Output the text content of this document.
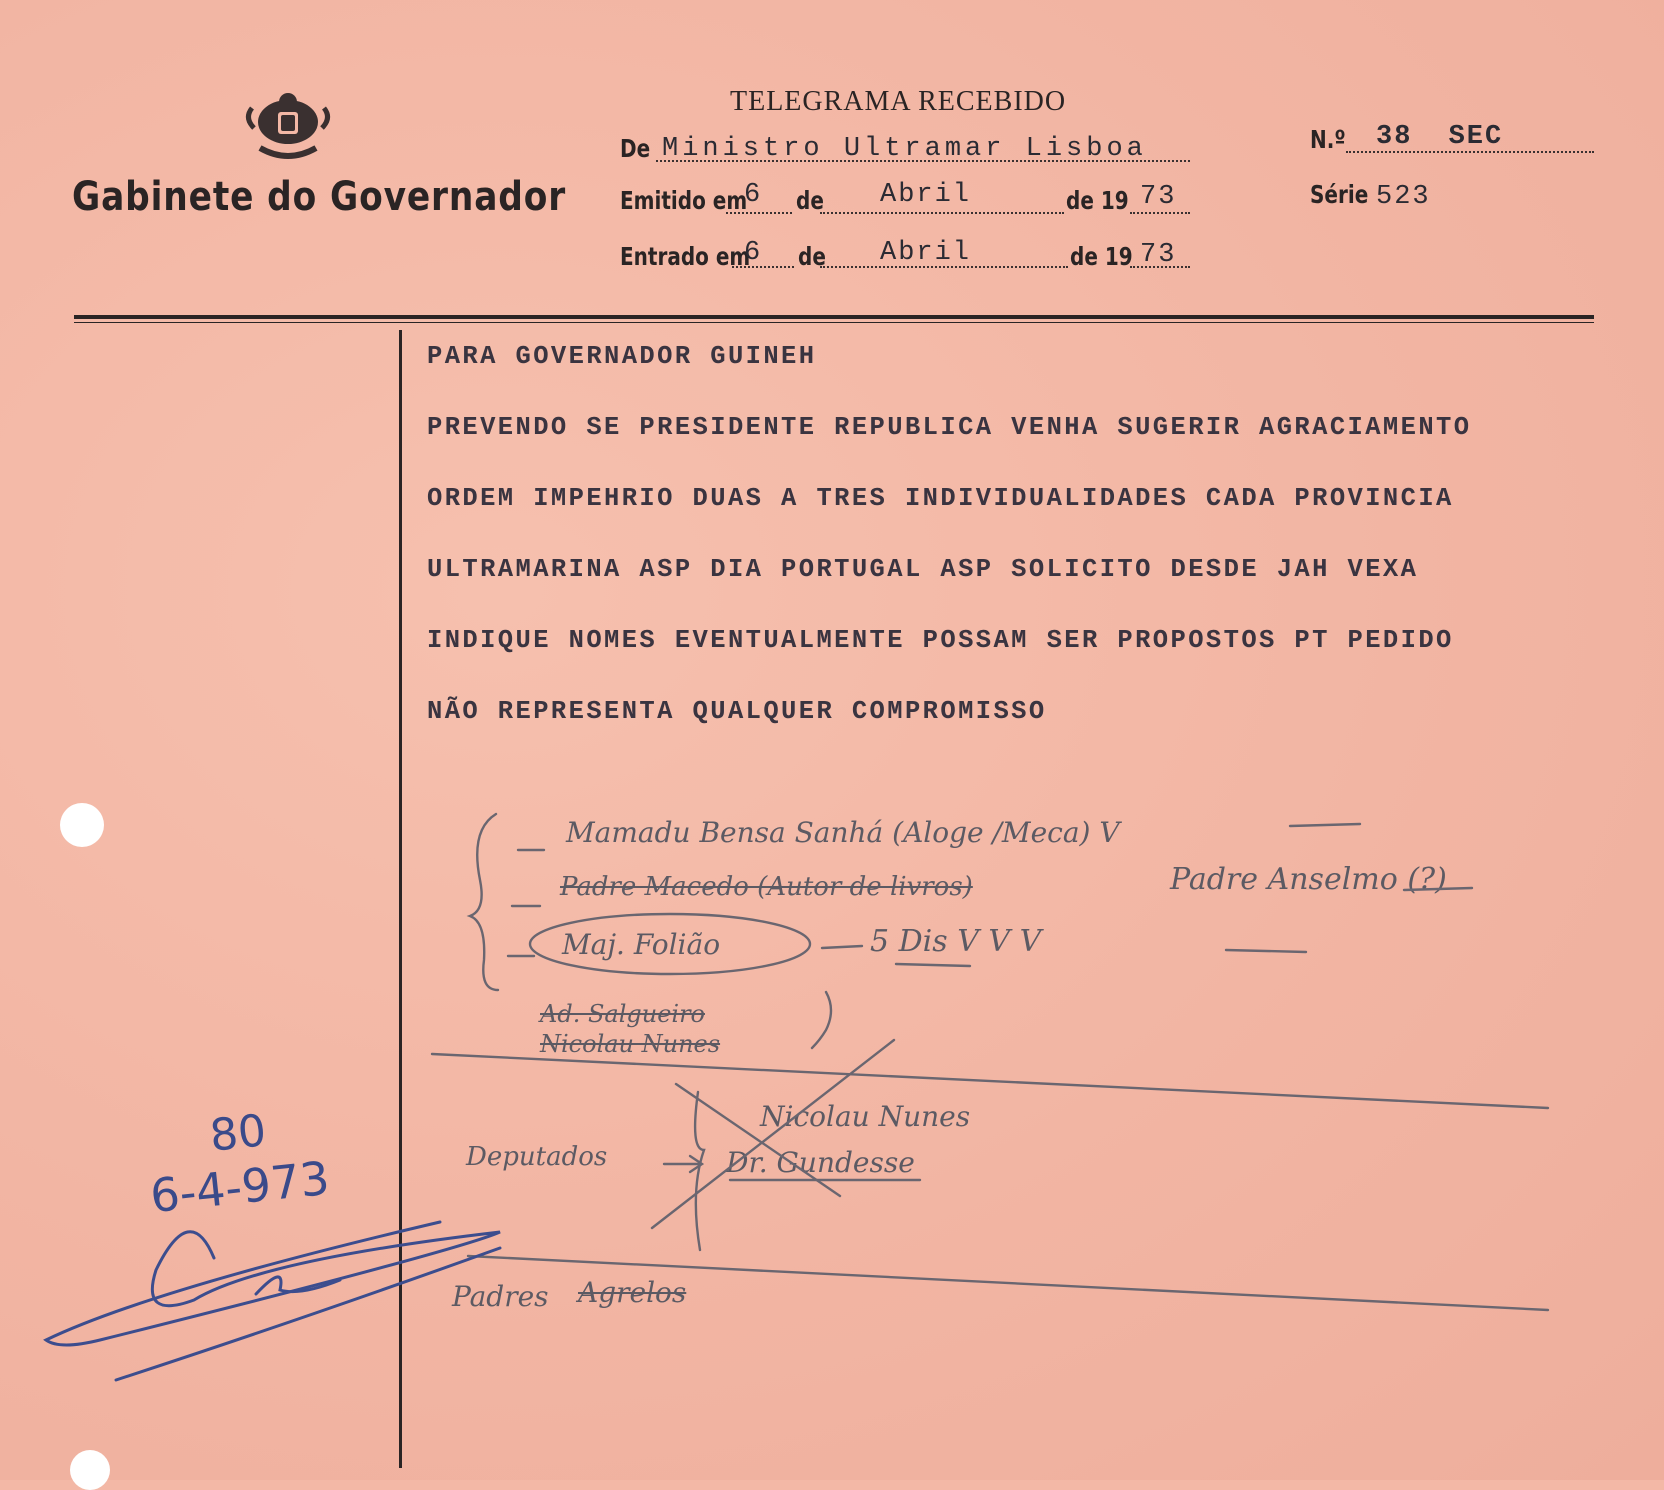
Gabinete do Governador
TELEGRAMA RECEBIDO
De Ministro Ultramar Lisboa	N.º 38 SEC
Série 523
Emitido em
6 de Abril	de 19 73
Entrado em
6 de Abril	de 19 73
PARA GOVERNADOR GUINEH
PREVENDO SE PRESIDENTE REPUBLICA VENHA SUGERIR AGRACIAMENTO
ORDEM IMPEHRIO DUAS A TRES INDIVIDUALIDADES CADA PROVINCIA
ULTRAMARINA ASP DIA PORTUGAL ASP SOLICITO DESDE JAH VEXA
INDIQUE NOMES EVENTUALMENTE POSSAM SER PROPOSTOS PT PEDIDO
NÃO REPRESENTA QUALQUER COMPROMISSO
Mamadu Bensa Sanhá (Aloge /Meca) V
Padre Macedo (Autor de livros)	Padre Anselmo (?)
Maj. Folião	5 Dis V V V
Ad. Salgueiro
Nicolau Nunes
Deputados
Nicolau Nunes
Dr. Gundesse
Padres Agrelos
80
6-4-973
